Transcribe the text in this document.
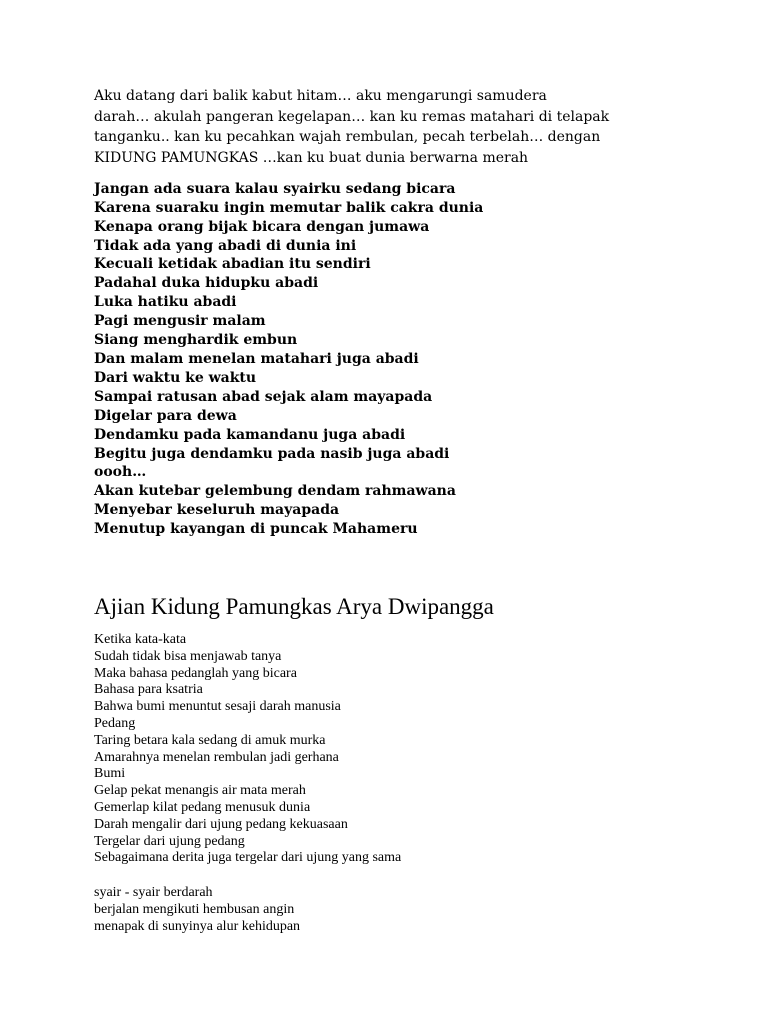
Aku datang dari balik kabut hitam… aku mengarungi samudera
darah… akulah pangeran kegelapan… kan ku remas matahari di telapak
tanganku.. kan ku pecahkan wajah rembulan, pecah terbelah… dengan
KIDUNG PAMUNGKAS …kan ku buat dunia berwarna merah

Jangan ada suara kalau syairku sedang bicara
Karena suaraku ingin memutar balik cakra dunia
Kenapa orang bijak bicara dengan jumawa
Tidak ada yang abadi di dunia ini
Kecuali ketidak abadian itu sendiri
Padahal duka hidupku abadi
Luka hatiku abadi
Pagi mengusir malam
Siang menghardik embun
Dan malam menelan matahari juga abadi
Dari waktu ke waktu
Sampai ratusan abad sejak alam mayapada
Digelar para dewa
Dendamku pada kamandanu juga abadi
Begitu juga dendamku pada nasib juga abadi
oooh…
Akan kutebar gelembung dendam rahmawana
Menyebar keseluruh mayapada
Menutup kayangan di puncak Mahameru
Ajian Kidung Pamungkas Arya Dwipangga
Ketika kata-kata
Sudah tidak bisa menjawab tanya
Maka bahasa pedanglah yang bicara
Bahasa para ksatria
Bahwa bumi menuntut sesaji darah manusia
Pedang
Taring betara kala sedang di amuk murka
Amarahnya menelan rembulan jadi gerhana
Bumi
Gelap pekat menangis air mata merah
Gemerlap kilat pedang menusuk dunia
Darah mengalir dari ujung pedang kekuasaan
Tergelar dari ujung pedang
Sebagaimana derita juga tergelar dari ujung yang sama
syair - syair berdarah
berjalan mengikuti hembusan angin
menapak di sunyinya alur kehidupan
